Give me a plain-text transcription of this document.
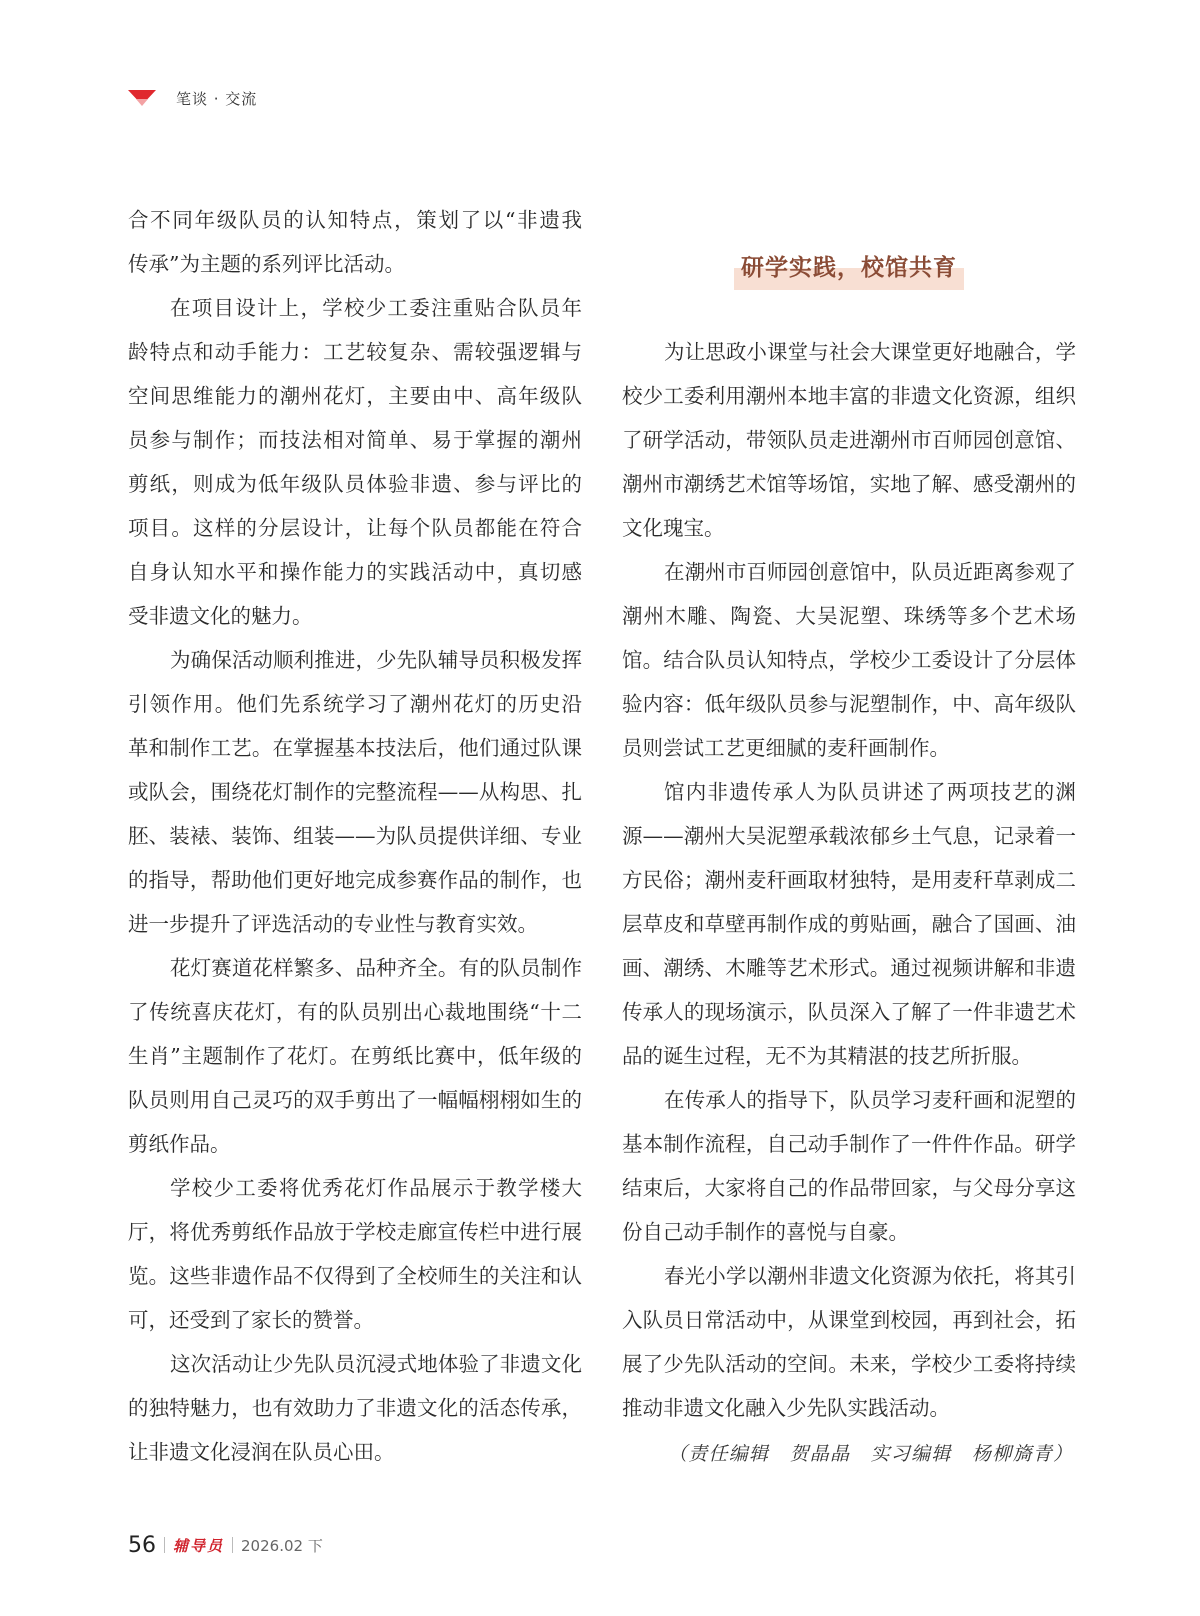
笔谈 · 交流
合不同年级队员的认知特点，策划了以“非遗我
传承”为主题的系列评比活动。
在项目设计上，学校少工委注重贴合队员年
龄特点和动手能力：工艺较复杂、需较强逻辑与
空间思维能力的潮州花灯，主要由中、高年级队
员参与制作；而技法相对简单、易于掌握的潮州
剪纸，则成为低年级队员体验非遗、参与评比的
项目。这样的分层设计，让每个队员都能在符合
自身认知水平和操作能力的实践活动中，真切感
受非遗文化的魅力。
为确保活动顺利推进，少先队辅导员积极发挥
引领作用。他们先系统学习了潮州花灯的历史沿
革和制作工艺。在掌握基本技法后，他们通过队课
或队会，围绕花灯制作的完整流程——从构思、扎
胚、装裱、装饰、组装——为队员提供详细、专业
的指导，帮助他们更好地完成参赛作品的制作，也
进一步提升了评选活动的专业性与教育实效。
花灯赛道花样繁多、品种齐全。有的队员制作
了传统喜庆花灯，有的队员别出心裁地围绕“十二
生肖”主题制作了花灯。在剪纸比赛中，低年级的
队员则用自己灵巧的双手剪出了一幅幅栩栩如生的
剪纸作品。
学校少工委将优秀花灯作品展示于教学楼大
厅，将优秀剪纸作品放于学校走廊宣传栏中进行展
览。这些非遗作品不仅得到了全校师生的关注和认
可，还受到了家长的赞誉。
这次活动让少先队员沉浸式地体验了非遗文化
的独特魅力，也有效助力了非遗文化的活态传承，
让非遗文化浸润在队员心田。
研学实践，校馆共育
为让思政小课堂与社会大课堂更好地融合，学
校少工委利用潮州本地丰富的非遗文化资源，组织
了研学活动，带领队员走进潮州市百师园创意馆、
潮州市潮绣艺术馆等场馆，实地了解、感受潮州的
文化瑰宝。
在潮州市百师园创意馆中，队员近距离参观了
潮州木雕、陶瓷、大吴泥塑、珠绣等多个艺术场
馆。结合队员认知特点，学校少工委设计了分层体
验内容：低年级队员参与泥塑制作，中、高年级队
员则尝试工艺更细腻的麦秆画制作。
馆内非遗传承人为队员讲述了两项技艺的渊
源——潮州大吴泥塑承载浓郁乡土气息，记录着一
方民俗；潮州麦秆画取材独特，是用麦秆草剥成二
层草皮和草壁再制作成的剪贴画，融合了国画、油
画、潮绣、木雕等艺术形式。通过视频讲解和非遗
传承人的现场演示，队员深入了解了一件非遗艺术
品的诞生过程，无不为其精湛的技艺所折服。
在传承人的指导下，队员学习麦秆画和泥塑的
基本制作流程，自己动手制作了一件件作品。研学
结束后，大家将自己的作品带回家，与父母分享这
份自己动手制作的喜悦与自豪。
春光小学以潮州非遗文化资源为依托，将其引
入队员日常活动中，从课堂到校园，再到社会，拓
展了少先队活动的空间。未来，学校少工委将持续
推动非遗文化融入少先队实践活动。
（责任编辑　贺晶晶　实习编辑　杨柳旖青）
56 辅导员 2026.02 下
